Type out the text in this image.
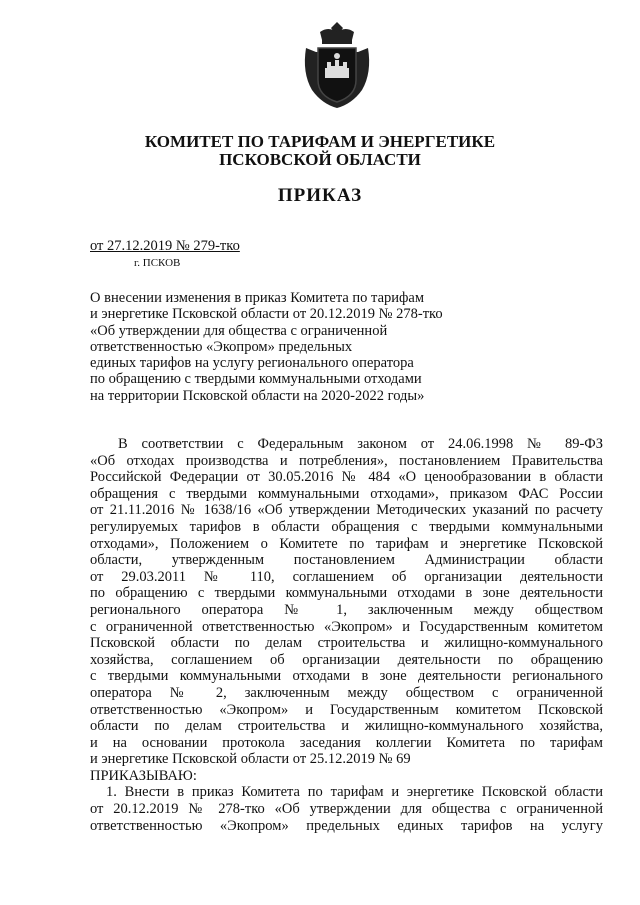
КОМИТЕТ ПО ТАРИФАМ И ЭНЕРГЕТИКЕ
ПСКОВСКОЙ ОБЛАСТИ
ПРИКАЗ
от 27.12.2019 № 279-тко
г. ПСКОВ
О внесении изменения в приказ Комитета по тарифам
и энергетике Псковской области от 20.12.2019 № 278-тко
«Об утверждении для общества с ограниченной
ответственностью «Экопром» предельных
единых тарифов на услугу регионального оператора
по обращению с твердыми коммунальными отходами
на территории Псковской области на 2020-2022 годы»
В соответствии с Федеральным законом от 24.06.1998 № 89-ФЗ
«Об отходах производства и потребления», постановлением Правительства
Российской Федерации от 30.05.2016 № 484 «О ценообразовании в области
обращения с твердыми коммунальными отходами», приказом ФАС России
от 21.11.2016 № 1638/16 «Об утверждении Методических указаний по расчету
регулируемых тарифов в области обращения с твердыми коммунальными
отходами», Положением о Комитете по тарифам и энергетике Псковской
области, утвержденным постановлением Администрации области
от 29.03.2011 № 110, соглашением об организации деятельности
по обращению с твердыми коммунальными отходами в зоне деятельности
регионального оператора № 1, заключенным между обществом
с ограниченной ответственностью «Экопром» и Государственным комитетом
Псковской области по делам строительства и жилищно-коммунального
хозяйства, соглашением об организации деятельности по обращению
с твердыми коммунальными отходами в зоне деятельности регионального
оператора № 2, заключенным между обществом с ограниченной
ответственностью «Экопром» и Государственным комитетом Псковской
области по делам строительства и жилищно-коммунального хозяйства,
и на основании протокола заседания коллегии Комитета по тарифам
и энергетике Псковской области от 25.12.2019 № 69
ПРИКАЗЫВАЮ:
1. Внести в приказ Комитета по тарифам и энергетике Псковской области
от 20.12.2019 № 278-тко «Об утверждении для общества с ограниченной
ответственностью «Экопром» предельных единых тарифов на услугу
